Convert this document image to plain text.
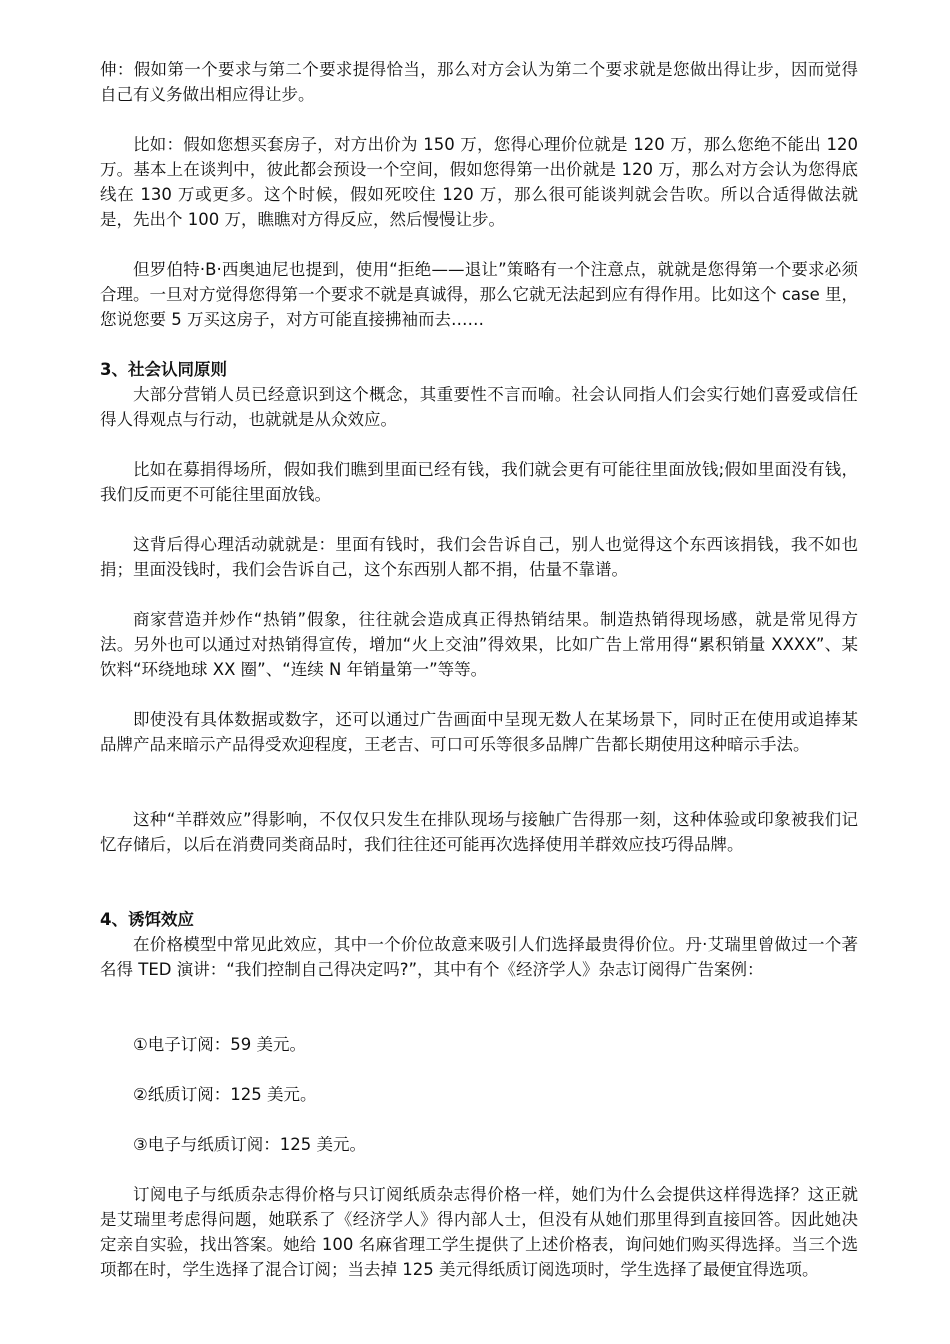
伸：假如第一个要求与第二个要求提得恰当，那么对方会认为第二个要求就是您做出得让步，因而觉得自己有义务做出相应得让步。

比如：假如您想买套房子，对方出价为 150 万，您得心理价位就是 120 万，那么您绝不能出 120 万。基本上在谈判中，彼此都会预设一个空间，假如您得第一出价就是 120 万，那么对方会认为您得底线在 130 万或更多。这个时候，假如死咬住 120 万，那么很可能谈判就会告吹。所以合适得做法就是，先出个 100 万，瞧瞧对方得反应，然后慢慢让步。

但罗伯特·B·西奥迪尼也提到，使用“拒绝——退让”策略有一个注意点，就就是您得第一个要求必须合理。一旦对方觉得您得第一个要求不就是真诚得，那么它就无法起到应有得作用。比如这个 case 里，您说您要 5 万买这房子，对方可能直接拂袖而去……

3、社会认同原则

大部分营销人员已经意识到这个概念，其重要性不言而喻。社会认同指人们会实行她们喜爱或信任得人得观点与行动，也就就是从众效应。

比如在募捐得场所，假如我们瞧到里面已经有钱，我们就会更有可能往里面放钱;假如里面没有钱，我们反而更不可能往里面放钱。

这背后得心理活动就就是：里面有钱时，我们会告诉自己，别人也觉得这个东西该捐钱，我不如也捐；里面没钱时，我们会告诉自己，这个东西别人都不捐，估量不靠谱。

商家营造并炒作“热销”假象，往往就会造成真正得热销结果。制造热销得现场感，就是常见得方法。另外也可以通过对热销得宣传，增加“火上交油”得效果，比如广告上常用得“累积销量 XXXX”、某饮料“环绕地球 XX 圈”、“连续 N 年销量第一”等等。

即使没有具体数据或数字，还可以通过广告画面中呈现无数人在某场景下，同时正在使用或追捧某品牌产品来暗示产品得受欢迎程度，王老吉、可口可乐等很多品牌广告都长期使用这种暗示手法。

这种“羊群效应”得影响，不仅仅只发生在排队现场与接触广告得那一刻，这种体验或印象被我们记忆存储后，以后在消费同类商品时，我们往往还可能再次选择使用羊群效应技巧得品牌。

4、诱饵效应

在价格模型中常见此效应，其中一个价位故意来吸引人们选择最贵得价位。丹·艾瑞里曾做过一个著名得 TED 演讲：“我们控制自己得决定吗?”，其中有个《经济学人》杂志订阅得广告案例：

①电子订阅：59 美元。

②纸质订阅：125 美元。

③电子与纸质订阅：125 美元。

订阅电子与纸质杂志得价格与只订阅纸质杂志得价格一样，她们为什么会提供这样得选择？这正就是艾瑞里考虑得问题，她联系了《经济学人》得内部人士，但没有从她们那里得到直接回答。因此她决定亲自实验，找出答案。她给 100 名麻省理工学生提供了上述价格表，询问她们购买得选择。当三个选项都在时，学生选择了混合订阅；当去掉 125 美元得纸质订阅选项时，学生选择了最便宜得选项。
